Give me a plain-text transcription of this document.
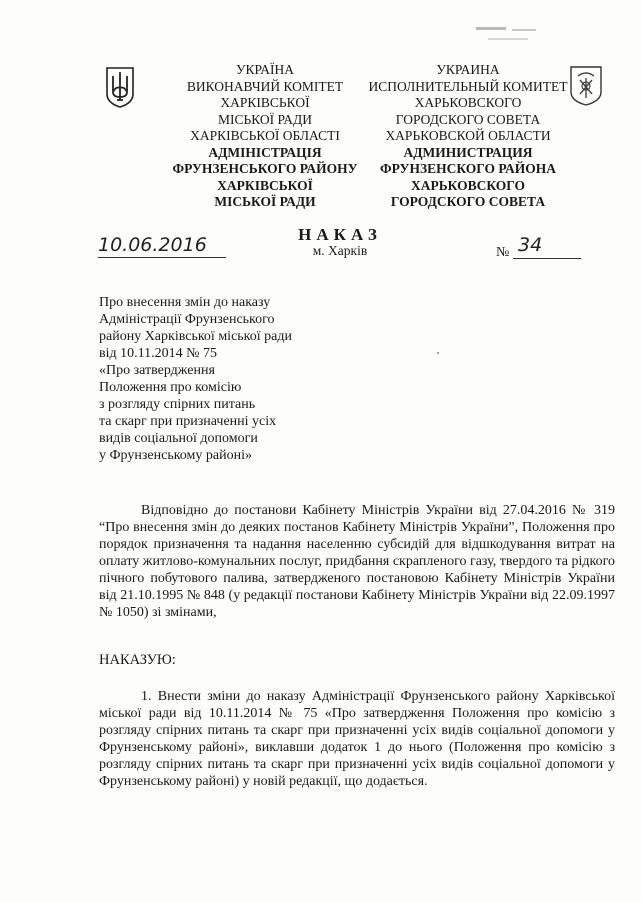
УКРАЇНА
ВИКОНАВЧИЙ КОМІТЕТ
ХАРКІВСЬКОЇ
МІСЬКОЇ РАДИ
ХАРКІВСЬКОЇ ОБЛАСТІ
АДМІНІСТРАЦІЯ
ФРУНЗЕНСЬКОГО РАЙОНУ
ХАРКІВСЬКОЇ
МІСЬКОЇ РАДИ
УКРАИНА
ИСПОЛНИТЕЛЬНЫЙ КОМИТЕТ
ХАРЬКОВСКОГО
ГОРОДСКОГО СОВЕТА
ХАРЬКОВСКОЙ ОБЛАСТИ
АДМИНИСТРАЦИЯ
ФРУНЗЕНСКОГО РАЙОНА
ХАРЬКОВСКОГО
ГОРОДСКОГО СОВЕТА
НАКАЗ
м. Харків
10.06.2016	№ 34
Про внесення змін до наказу
Адміністрації Фрунзенського
району Харківської міської ради
від 10.11.2014 № 75
«Про затвердження
Положення про комісію
з розгляду спірних питань
та скарг при призначенні усіх
видів соціальної допомоги
у Фрунзенському районі»
Відповідно до постанови Кабінету Міністрів України від 27.04.2016 № 319 “Про внесення змін до деяких постанов Кабінету Міністрів України”, Положення про порядок призначення та надання населенню субсидій для відшкодування витрат на оплату житлово-комунальних послуг, придбання скрапленого газу, твердого та рідкого пічного побутового палива, затвердженого постановою Кабінету Міністрів України від 21.10.1995 № 848 (у редакції постанови Кабінету Міністрів України від 22.09.1997 № 1050) зі змінами,
НАКАЗУЮ:
1. Внести зміни до наказу Адміністрації Фрунзенського району Харківської міської ради від 10.11.2014 № 75 «Про затвердження Положення про комісію з розгляду спірних питань та скарг при призначенні усіх видів соціальної допомоги у Фрунзенському районі», виклавши додаток 1 до нього (Положення про комісію з розгляду спірних питань та скарг при призначенні усіх видів соціальної допомоги у Фрунзенському районі) у новій редакції, що додається.
